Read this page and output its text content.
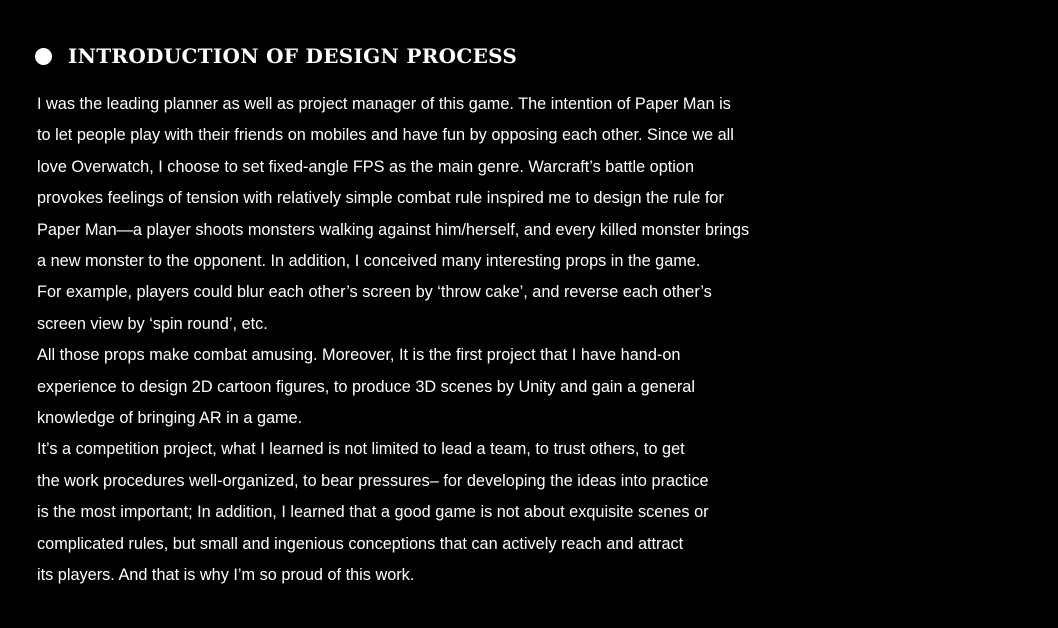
INTRODUCTION OF DESIGN PROCESS
I was the leading planner as well as project manager of this game. The intention of Paper Man is
to let people play with their friends on mobiles and have fun by opposing each other. Since we all
love Overwatch, I choose to set fixed-angle FPS as the main genre. Warcraft’s battle option
provokes feelings of tension with relatively simple combat rule inspired me to design the rule for
Paper Man—a player shoots monsters walking against him/herself, and every killed monster brings
a new monster to the opponent. In addition, I conceived many interesting props in the game.
For example, players could blur each other’s screen by ‘throw cake’, and reverse each other’s
screen view by ‘spin round’, etc.
All those props make combat amusing. Moreover, It is the first project that I have hand-on
experience to design 2D cartoon figures, to produce 3D scenes by Unity and gain a general
knowledge of bringing AR in a game.
It’s a competition project, what I learned is not limited to lead a team, to trust others, to get
the work procedures well-organized, to bear pressures– for developing the ideas into practice
is the most important; In addition, I learned that a good game is not about exquisite scenes or
complicated rules, but small and ingenious conceptions that can actively reach and attract
its players. And that is why I’m so proud of this work.
